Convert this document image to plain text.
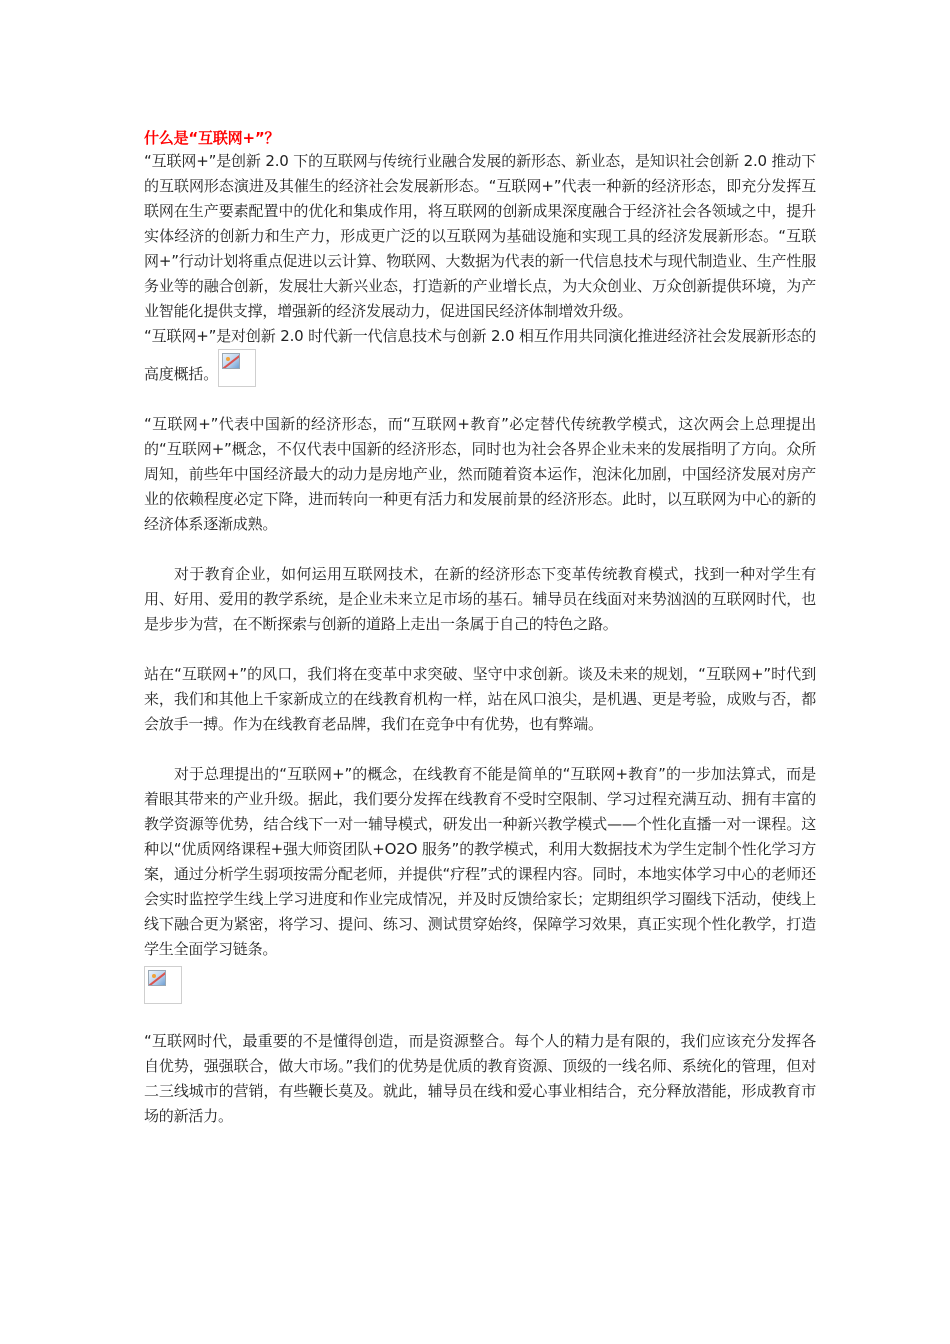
什么是“互联网+”？

“互联网+”是创新 2.0 下的互联网与传统行业融合发展的新形态、新业态，是知识社会创新 2.0 推动下的互联网形态演进及其催生的经济社会发展新形态。“互联网+”代表一种新的经济形态，即充分发挥互联网在生产要素配置中的优化和集成作用，将互联网的创新成果深度融合于经济社会各领域之中，提升实体经济的创新力和生产力，形成更广泛的以互联网为基础设施和实现工具的经济发展新形态。“互联网+”行动计划将重点促进以云计算、物联网、大数据为代表的新一代信息技术与现代制造业、生产性服务业等的融合创新，发展壮大新兴业态，打造新的产业增长点，为大众创业、万众创新提供环境，为产业智能化提供支撑，增强新的经济发展动力，促进国民经济体制增效升级。

“互联网+”是对创新 2.0 时代新一代信息技术与创新 2.0 相互作用共同演化推进经济社会发展新形态的高度概括。

“互联网+”代表中国新的经济形态，而“互联网+教育”必定替代传统教学模式，这次两会上总理提出的“互联网+”概念，不仅代表中国新的经济形态，同时也为社会各界企业未来的发展指明了方向。众所周知，前些年中国经济最大的动力是房地产业，然而随着资本运作，泡沫化加剧，中国经济发展对房产业的依赖程度必定下降，进而转向一种更有活力和发展前景的经济形态。此时，以互联网为中心的新的经济体系逐渐成熟。

对于教育企业，如何运用互联网技术，在新的经济形态下变革传统教育模式，找到一种对学生有用、好用、爱用的教学系统，是企业未来立足市场的基石。辅导员在线面对来势汹汹的互联网时代，也是步步为营，在不断探索与创新的道路上走出一条属于自己的特色之路。

站在“互联网+”的风口，我们将在变革中求突破、坚守中求创新。谈及未来的规划，“互联网+”时代到来，我们和其他上千家新成立的在线教育机构一样，站在风口浪尖，是机遇、更是考验，成败与否，都会放手一搏。作为在线教育老品牌，我们在竞争中有优势，也有弊端。

对于总理提出的“互联网+”的概念，在线教育不能是简单的“互联网+教育”的一步加法算式，而是着眼其带来的产业升级。据此，我们要分发挥在线教育不受时空限制、学习过程充满互动、拥有丰富的教学资源等优势，结合线下一对一辅导模式，研发出一种新兴教学模式——个性化直播一对一课程。这种以“优质网络课程+强大师资团队+O2O 服务”的教学模式，利用大数据技术为学生定制个性化学习方案，通过分析学生弱项按需分配老师，并提供“疗程”式的课程内容。同时，本地实体学习中心的老师还会实时监控学生线上学习进度和作业完成情况，并及时反馈给家长；定期组织学习圈线下活动，使线上线下融合更为紧密，将学习、提问、练习、测试贯穿始终，保障学习效果，真正实现个性化教学，打造学生全面学习链条。

“互联网时代，最重要的不是懂得创造，而是资源整合。每个人的精力是有限的，我们应该充分发挥各自优势，强强联合，做大市场。”我们的优势是优质的教育资源、顶级的一线名师、系统化的管理，但对二三线城市的营销，有些鞭长莫及。就此，辅导员在线和爱心事业相结合，充分释放潜能，形成教育市场的新活力。
